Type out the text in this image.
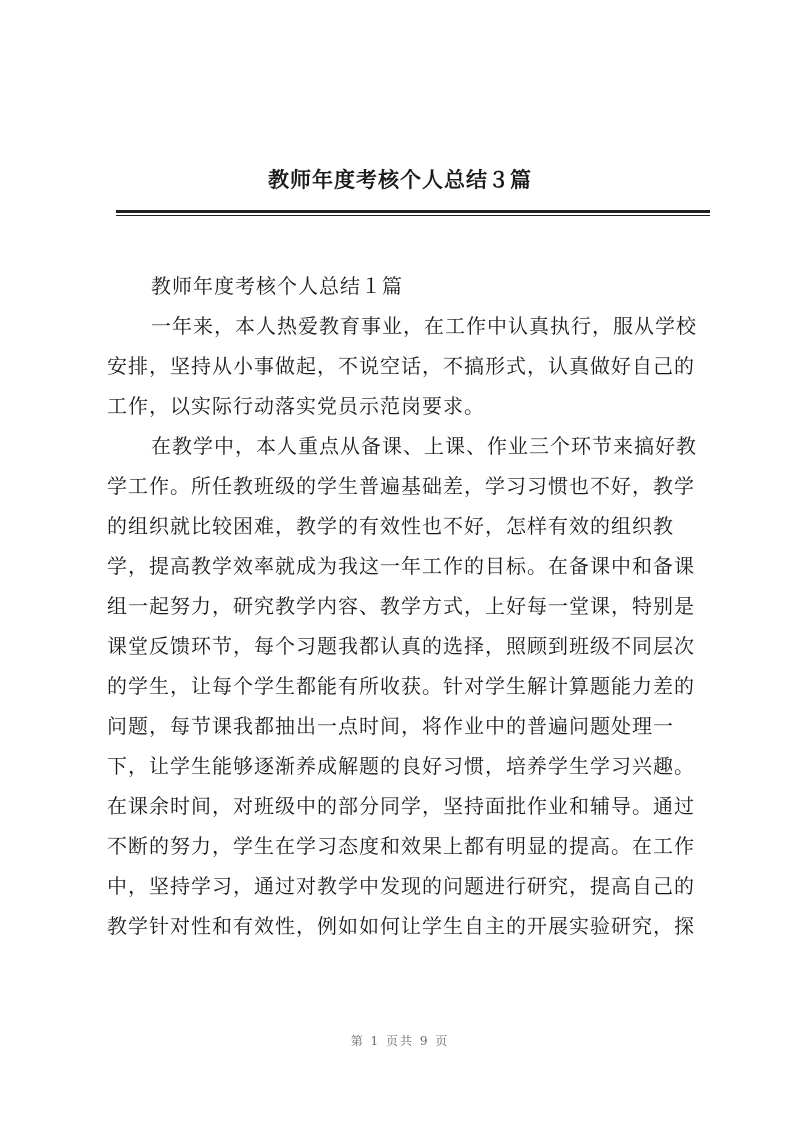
教师年度考核个人总结３篇
教师年度考核个人总结１篇
一年来，本人热爱教育事业，在工作中认真执行，服从学校
安排，坚持从小事做起，不说空话，不搞形式，认真做好自己的
工作，以实际行动落实党员示范岗要求。
在教学中，本人重点从备课、上课、作业三个环节来搞好教
学工作。所任教班级的学生普遍基础差，学习习惯也不好，教学
的组织就比较困难，教学的有效性也不好，怎样有效的组织教
学，提高教学效率就成为我这一年工作的目标。在备课中和备课
组一起努力，研究教学内容、教学方式，上好每一堂课，特别是
课堂反馈环节，每个习题我都认真的选择，照顾到班级不同层次
的学生，让每个学生都能有所收获。针对学生解计算题能力差的
问题，每节课我都抽出一点时间，将作业中的普遍问题处理一
下，让学生能够逐渐养成解题的良好习惯，培养学生学习兴趣。
在课余时间，对班级中的部分同学，坚持面批作业和辅导。通过
不断的努力，学生在学习态度和效果上都有明显的提高。在工作
中，坚持学习，通过对教学中发现的问题进行研究，提高自己的
教学针对性和有效性，例如如何让学生自主的开展实验研究，探
第 1 页共 9 页
